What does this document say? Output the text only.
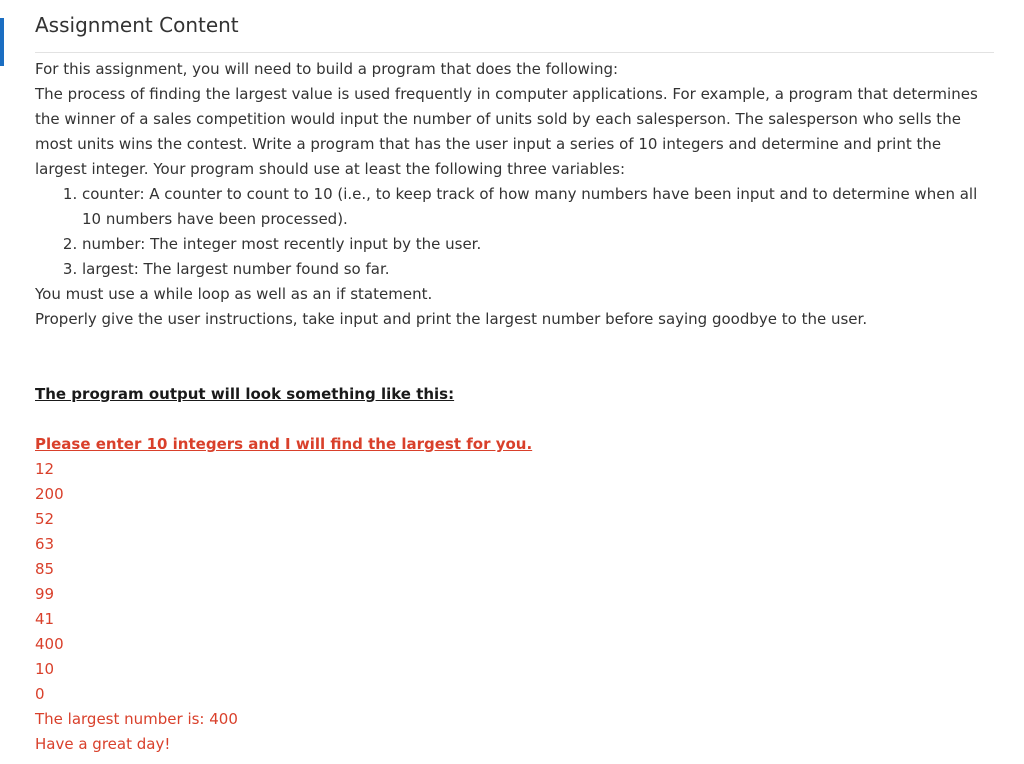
Assignment Content

For this assignment, you will need to build a program that does the following:

The process of finding the largest value is used frequently in computer applications. For example, a program that determines the winner of a sales competition would input the number of units sold by each salesperson. The salesperson who sells the most units wins the contest. Write a program that has the user input a series of 10 integers and determine and print the largest integer. Your program should use at least the following three variables:

1. counter: A counter to count to 10 (i.e., to keep track of how many numbers have been input and to determine when all 10 numbers have been processed).
2. number: The integer most recently input by the user.
3. largest: The largest number found so far.

You must use a while loop as well as an if statement.

Properly give the user instructions, take input and print the largest number before saying goodbye to the user.

The program output will look something like this:

Please enter 10 integers and I will find the largest for you.

12

200

52

63

85

99

41

400

10

0

The largest number is: 400

Have a great day!
